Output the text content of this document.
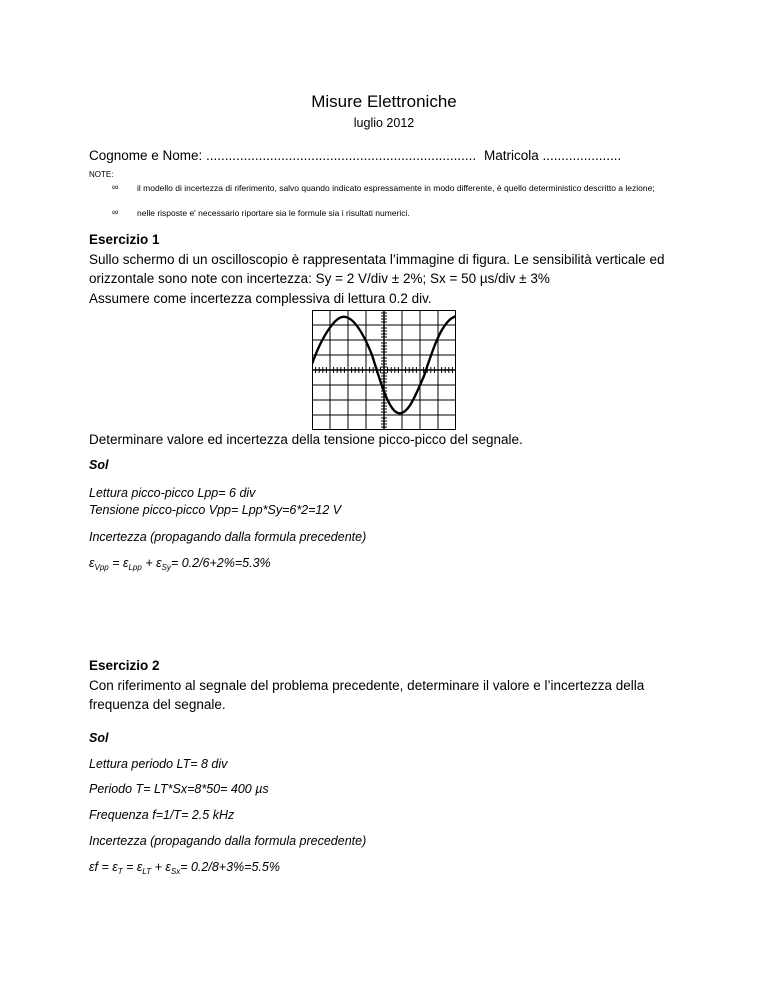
Misure Elettroniche
luglio 2012
Cognome e Nome: ........................................................................ Matricola .....................
NOTE:
∞ il modello di incertezza di riferimento, salvo quando indicato espressamente in modo differente, è quello deterministico descritto a lezione;
∞ nelle risposte e' necessario riportare sia le formule sia i risultati numerici.
Esercizio 1
Sullo schermo di un oscilloscopio è rappresentata l’immagine di figura. Le sensibilità verticale ed orizzontale sono note con incertezza: Sy = 2 V/div ± 2%; Sx = 50 µs/div ± 3%
Assumere come incertezza complessiva di lettura 0.2 div.
Determinare valore ed incertezza della tensione picco-picco del segnale.
Sol
Lettura picco-picco Lpp= 6 div
Tensione picco-picco Vpp= Lpp*Sy=6*2=12 V
Incertezza (propagando dalla formula precedente)
$\varepsilon_{Vpp} = \varepsilon_{Lpp} + \varepsilon_{Sy}= 0.2/6+2\%=5.3\%$
Esercizio 2
Con riferimento al segnale del problema precedente, determinare il valore e l’incertezza della frequenza del segnale.
Sol
Lettura periodo LT= 8 div
Periodo T= LT*Sx=8*50= 400 µs
Frequenza f=1/T= 2.5 kHz
Incertezza (propagando dalla formula precedente)
$\varepsilon f = \varepsilon_T = \varepsilon_{LT} + \varepsilon_{Sx}= 0.2/8+3\%=5.5\%$
